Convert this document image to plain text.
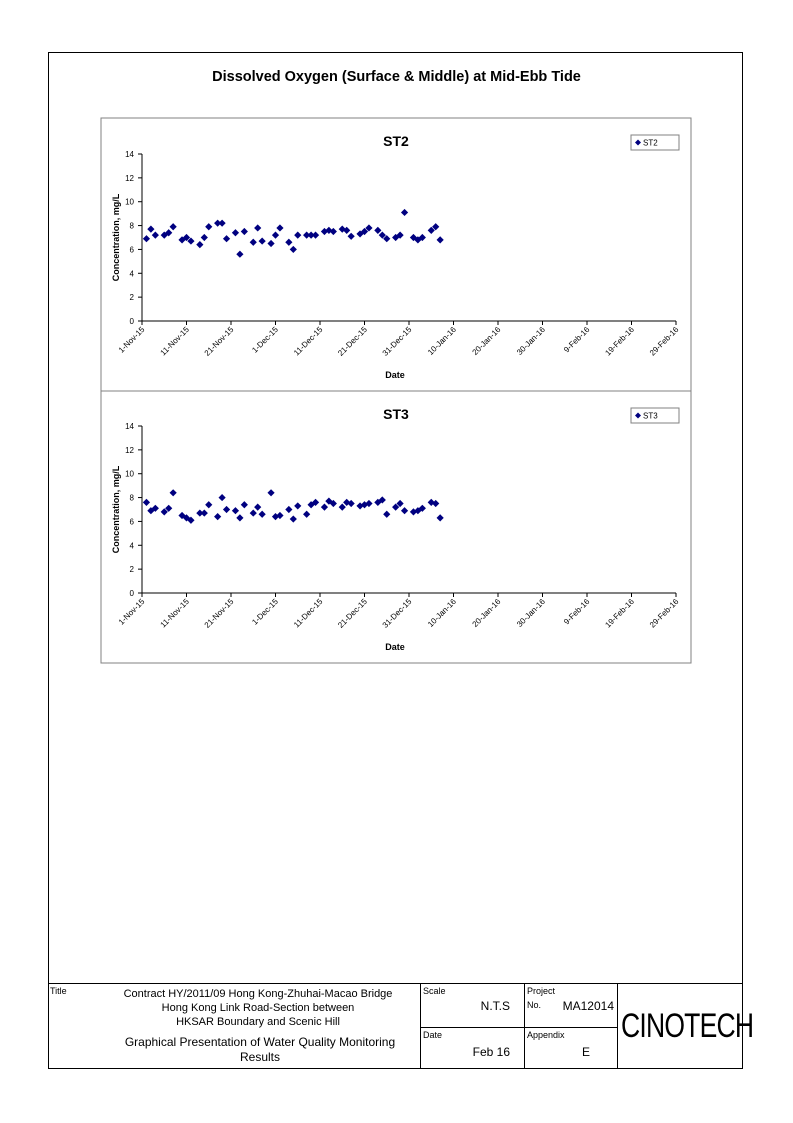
Dissolved Oxygen (Surface & Middle) at Mid-Ebb Tide
ST2
0
2
4
6
8
10
12
14
1-Nov-15 11-Nov-15 21-Nov-15 1-Dec-15 11-Dec-15 21-Dec-15 31-Dec-15 10-Jan-16 20-Jan-16 30-Jan-16 9-Feb-16 19-Feb-16 29-Feb-16
Date
Concentration, mg/L
ST2
ST3
0
2
4
6
8
10
12
14
1-Nov-15 11-Nov-15 21-Nov-15 1-Dec-15 11-Dec-15 21-Dec-15 31-Dec-15 10-Jan-16 20-Jan-16 30-Jan-16 9-Feb-16 19-Feb-16 29-Feb-16
Date
Concentration, mg/L
ST3
Title	Contract HY/2011/09 Hong Kong-Zhuhai-Macao Bridge
Hong Kong Link Road-Section between
HKSAR Boundary and Scenic Hill
Graphical Presentation of Water Quality Monitoring
Results
Scale
N.T.S
Date
Feb 16
Project
No. MA12014
Appendix
E
CINOTECH
